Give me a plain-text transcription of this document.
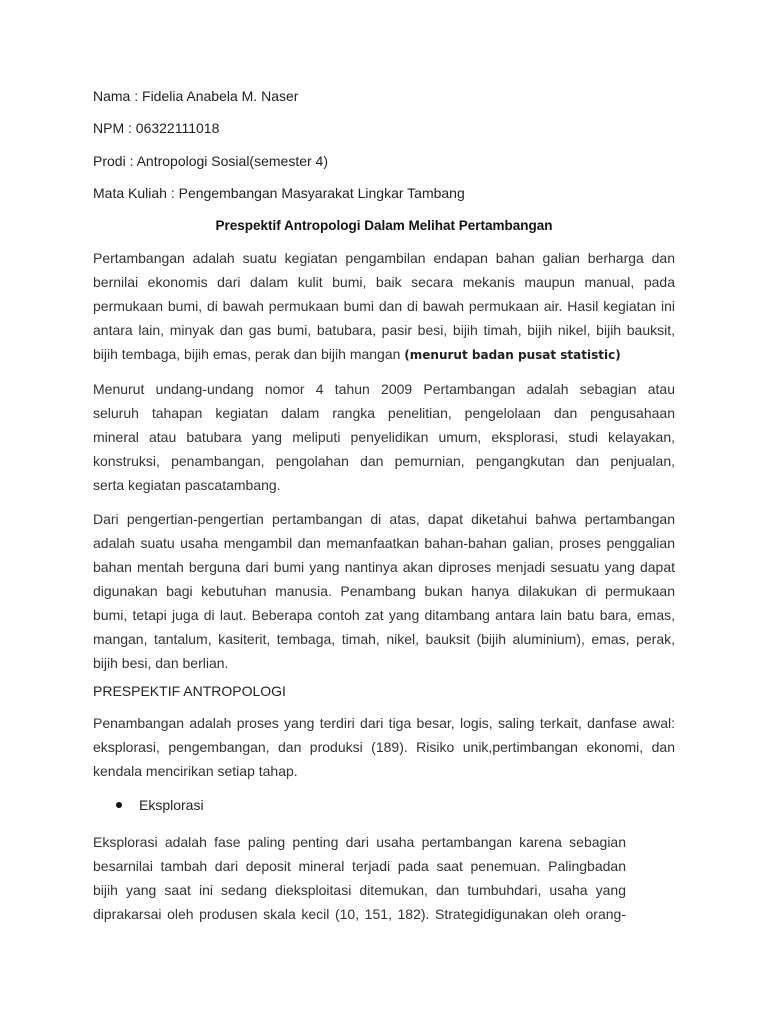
Nama : Fidelia Anabela M. Naser
NPM : 06322111018
Prodi : Antropologi Sosial(semester 4)
Mata Kuliah : Pengembangan Masyarakat Lingkar Tambang
Prespektif Antropologi Dalam Melihat Pertambangan
Pertambangan adalah suatu kegiatan pengambilan endapan bahan galian berharga dan
bernilai ekonomis dari dalam kulit bumi, baik secara mekanis maupun manual, pada
permukaan bumi, di bawah permukaan bumi dan di bawah permukaan air. Hasil kegiatan ini
antara lain, minyak dan gas bumi, batubara, pasir besi, bijih timah, bijih nikel, bijih bauksit,
bijih tembaga, bijih emas, perak dan bijih mangan (menurut badan pusat statistic)
Menurut undang-undang nomor 4 tahun 2009 Pertambangan adalah sebagian atau
seluruh tahapan kegiatan dalam rangka penelitian, pengelolaan dan pengusahaan
mineral atau batubara yang meliputi penyelidikan umum, eksplorasi, studi kelayakan,
konstruksi, penambangan, pengolahan dan pemurnian, pengangkutan dan penjualan,
serta kegiatan pascatambang.
Dari pengertian-pengertian pertambangan di atas, dapat diketahui bahwa pertambangan
adalah suatu usaha mengambil dan memanfaatkan bahan-bahan galian, proses penggalian
bahan mentah berguna dari bumi yang nantinya akan diproses menjadi sesuatu yang dapat
digunakan bagi kebutuhan manusia. Penambang bukan hanya dilakukan di permukaan
bumi, tetapi juga di laut. Beberapa contoh zat yang ditambang antara lain batu bara, emas,
mangan, tantalum, kasiterit, tembaga, timah, nikel, bauksit (bijih aluminium), emas, perak,
bijih besi, dan berlian.
PRESPEKTIF ANTROPOLOGI
Penambangan adalah proses yang terdiri dari tiga besar, logis, saling terkait, danfase awal:
eksplorasi, pengembangan, dan produksi (189). Risiko unik,pertimbangan ekonomi, dan
kendala mencirikan setiap tahap.
Eksplorasi
Eksplorasi adalah fase paling penting dari usaha pertambangan karena sebagian
besarnilai tambah dari deposit mineral terjadi pada saat penemuan. Palingbadan
bijih yang saat ini sedang dieksploitasi ditemukan, dan tumbuhdari, usaha yang
diprakarsai oleh produsen skala kecil (10, 151, 182). Strategidigunakan oleh orang-
